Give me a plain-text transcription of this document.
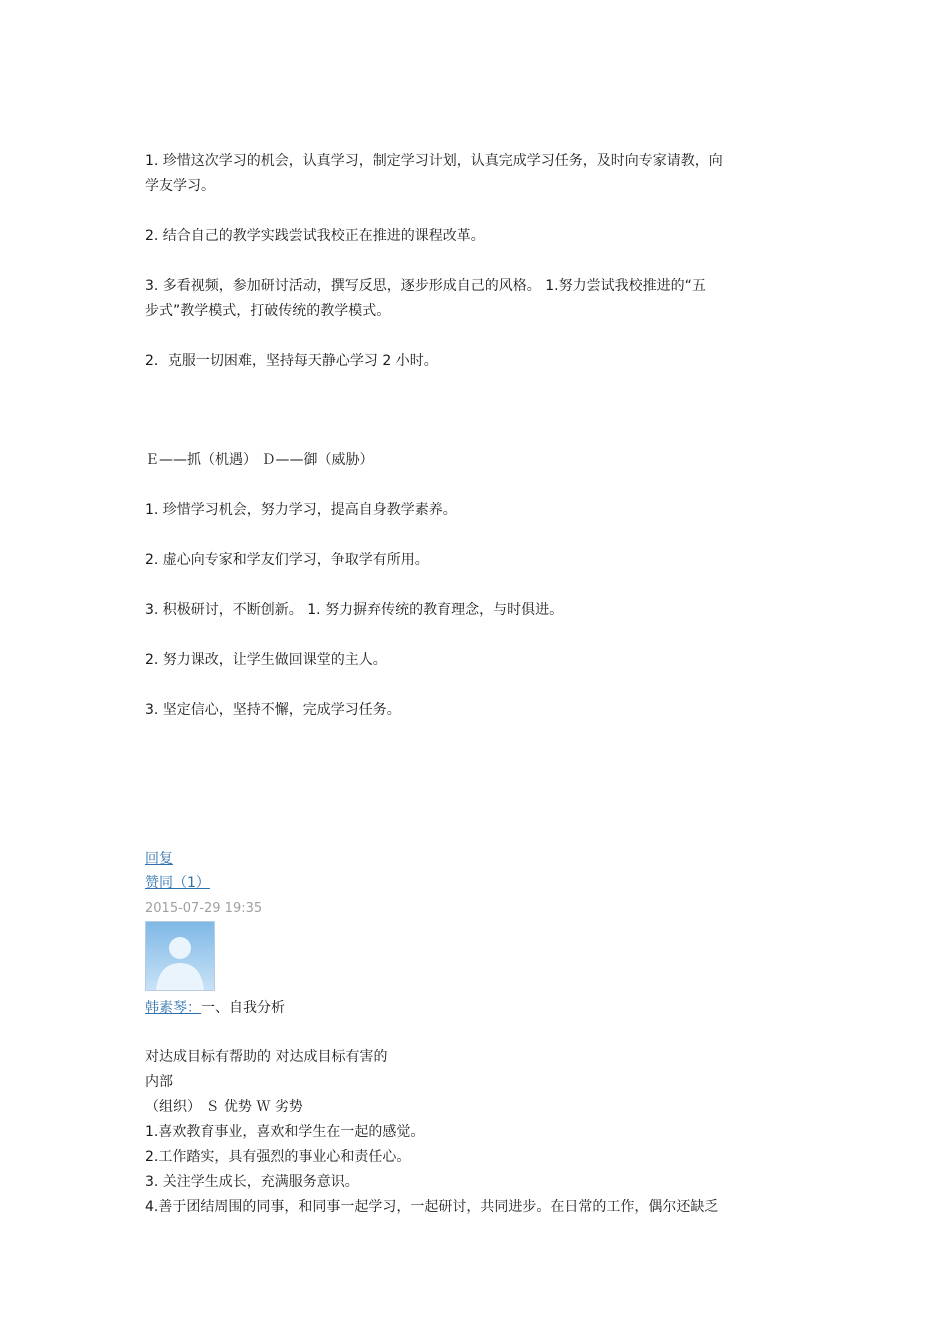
1. 珍惜这次学习的机会，认真学习，制定学习计划，认真完成学习任务，及时向专家请教，向
学友学习。
2. 结合自己的教学实践尝试我校正在推进的课程改革。
3. 多看视频，参加研讨活动，撰写反思，逐步形成自己的风格。 1.努力尝试我校推进的“五
步式”教学模式，打破传统的教学模式。
2．克服一切困难，坚持每天静心学习 2 小时。
Ｅ——抓（机遇） Ｄ——御（威胁）
1. 珍惜学习机会，努力学习，提高自身教学素养。
2. 虚心向专家和学友们学习，争取学有所用。
3. 积极研讨，不断创新。 1. 努力摒弃传统的教育理念，与时俱进。
2. 努力课改，让学生做回课堂的主人。
3. 坚定信心，坚持不懈，完成学习任务。
回复
赞同（1）
2015-07-29 19:35
韩素琴：一、自我分析
对达成目标有帮助的 对达成目标有害的
内部
（组织） Ｓ 优势 Ｗ 劣势
1.喜欢教育事业，喜欢和学生在一起的感觉。
2.工作踏实，具有强烈的事业心和责任心。
3. 关注学生成长，充满服务意识。
4.善于团结周围的同事，和同事一起学习，一起研讨，共同进步。在日常的工作，偶尔还缺乏
